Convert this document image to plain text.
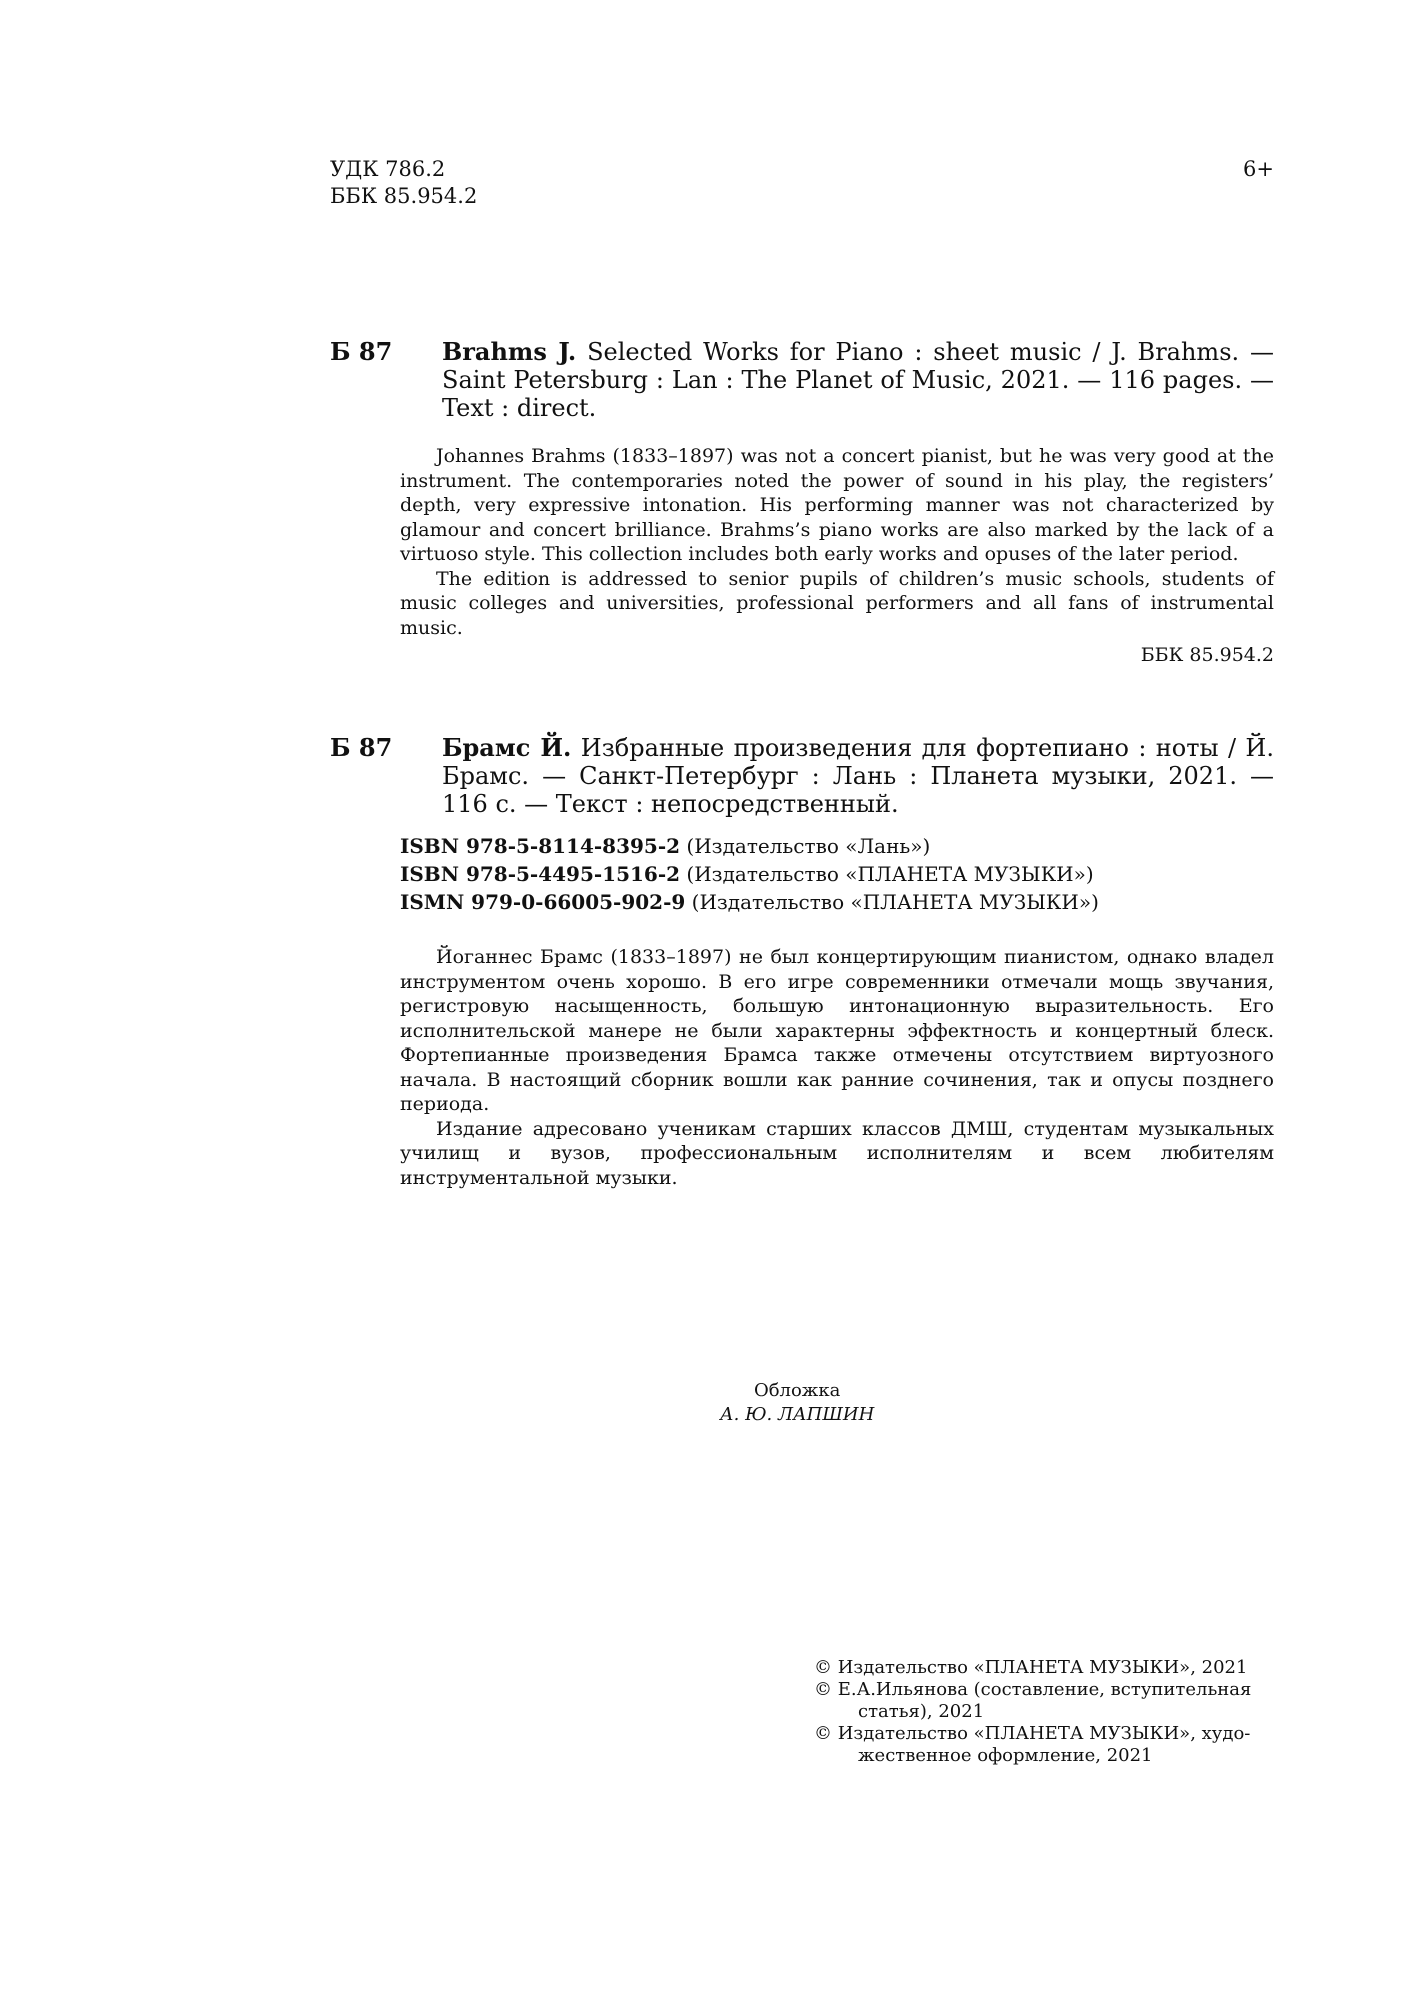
УДК 786.2
ББК 85.954.2
6+
Б 87 Brahms J. Selected Works for Piano : sheet music / J. Brahms. — Saint Petersburg : Lan : The Planet of Music, 2021. — 116 pages. — Text : direct.

Johannes Brahms (1833–1897) was not a concert pianist, but he was very good at the instrument. The contemporaries noted the power of sound in his play, the registers’ depth, very expressive intonation. His performing manner was not characterized by glamour and concert brilliance. Brahms’s piano works are also marked by the lack of a virtuoso style. This collection includes both early works and opuses of the later period.

The edition is addressed to senior pupils of children’s music schools, students of music colleges and universities, professional performers and all fans of instrumental music.

ББК 85.954.2
Б 87 Брамс Й. Избранные произведения для фортепиано : ноты / Й. Брамс. — Санкт-Петербург : Лань : Планета музыки, 2021. — 116 с. — Текст : непосредственный.
ISBN 978-5-8114-8395-2 (Издательство «Лань»)
ISBN 978-5-4495-1516-2 (Издательство «ПЛАНЕТА МУЗЫКИ»)
ISMN 979-0-66005-902-9 (Издательство «ПЛАНЕТА МУЗЫКИ»)

Йоганнес Брамс (1833–1897) не был концертирующим пианистом, однако владел инструментом очень хорошо. В его игре современники отмечали мощь звучания, регистровую насыщенность, большую интонационную выразительность. Его исполнительской манере не были характерны эффектность и концертный блеск. Фортепианные произведения Брамса также отмечены отсутствием виртуозного начала. В настоящий сборник вошли как ранние сочинения, так и опусы позднего периода.

Издание адресовано ученикам старших классов ДМШ, студентам музыкальных училищ и вузов, профессиональным исполнителям и всем любителям инструментальной музыки.

Обложка
А. Ю. ЛАПШИН
© Издательство «ПЛАНЕТА МУЗЫКИ», 2021
© Е.А.Ильянова (составление, вступительная
статья), 2021
© Издательство «ПЛАНЕТА МУЗЫКИ», худо-
жественное оформление, 2021
